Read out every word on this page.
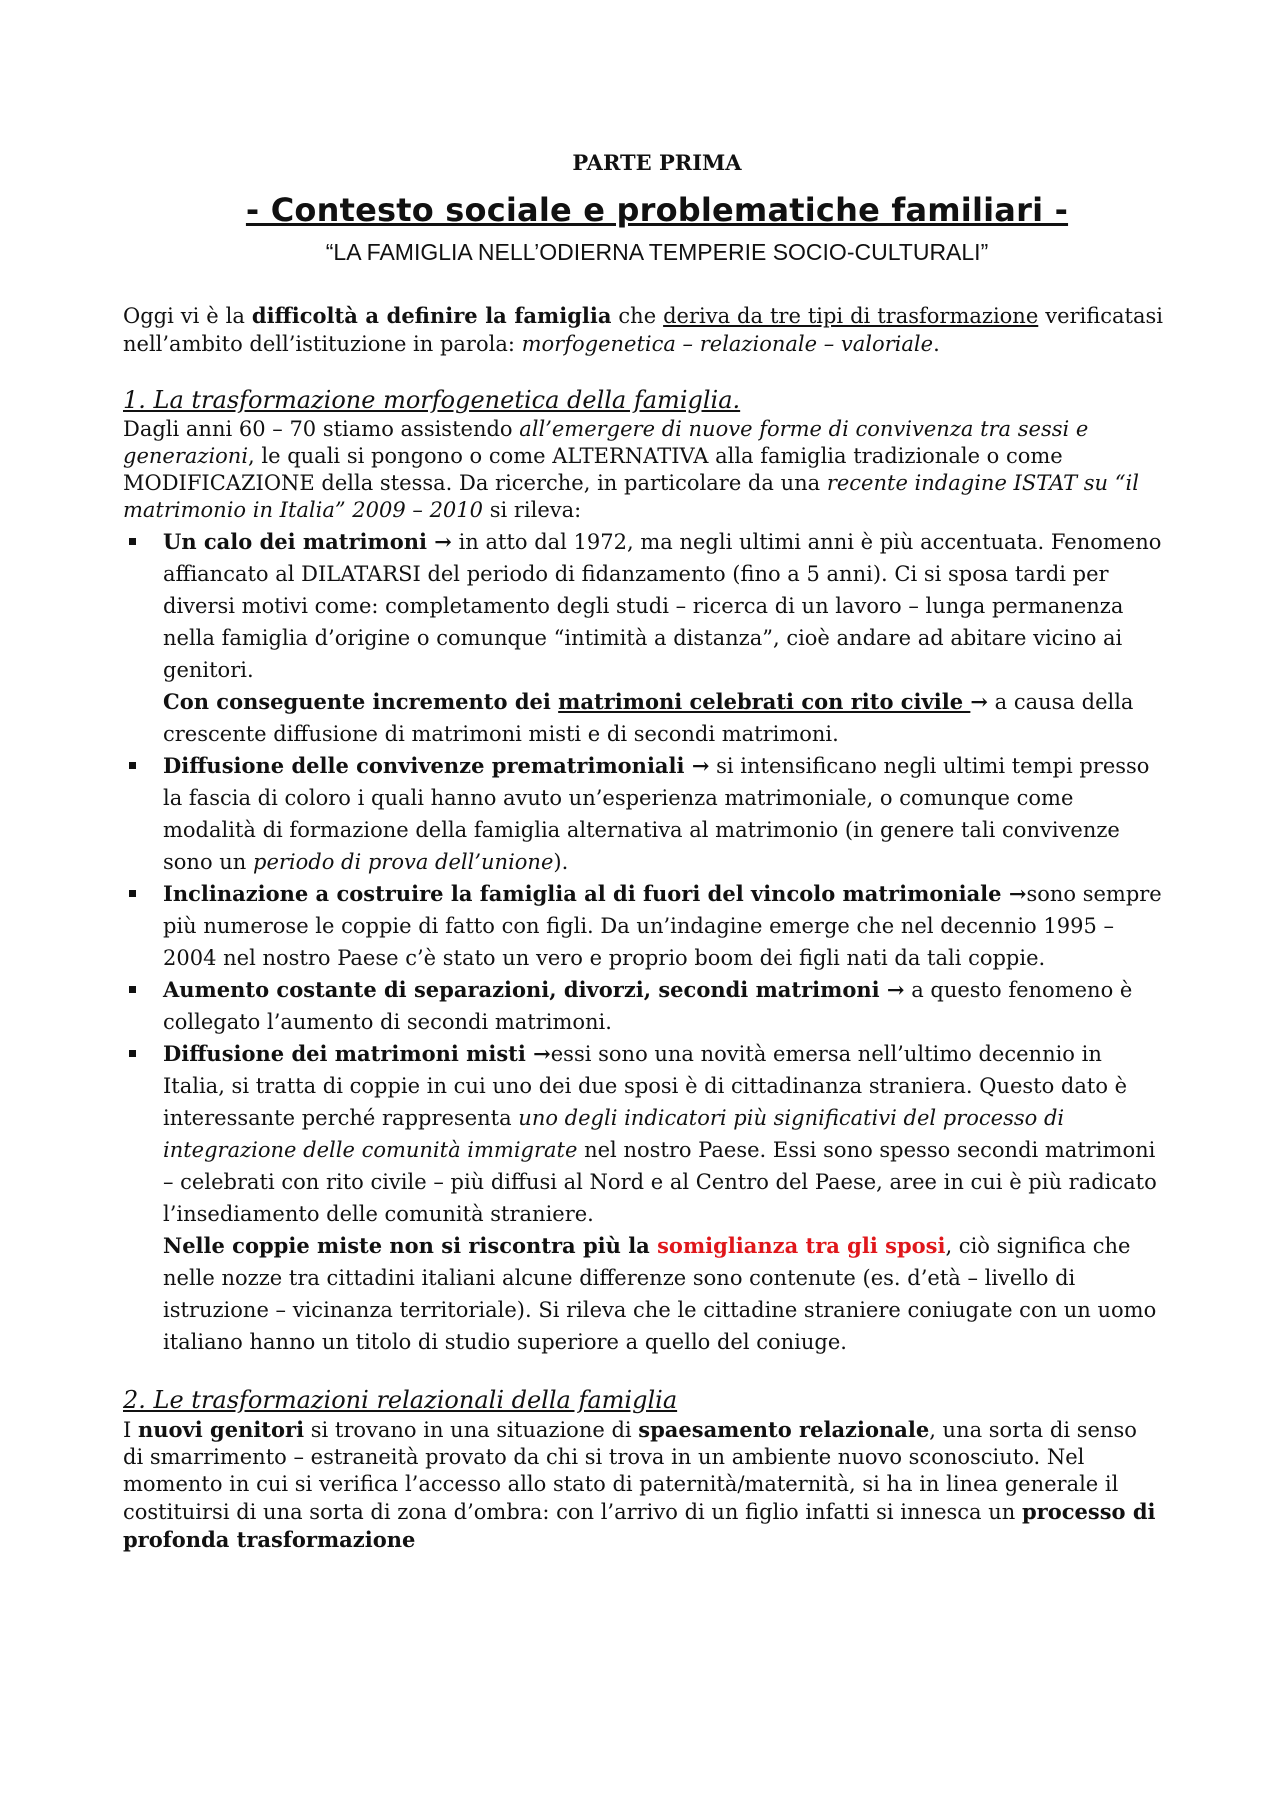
PARTE PRIMA
- Contesto sociale e problematiche familiari -
“LA FAMIGLIA NELL’ODIERNA TEMPERIE SOCIO-CULTURALI”

Oggi vi è la difficoltà a definire la famiglia che deriva da tre tipi di trasformazione verificatasi nell’ambito dell’istituzione in parola: morfogenetica – relazionale – valoriale.

1. La trasformazione morfogenetica della famiglia.

Dagli anni 60 – 70 stiamo assistendo all’emergere di nuove forme di convivenza tra sessi e generazioni, le quali si pongono o come ALTERNATIVA alla famiglia tradizionale o come MODIFICAZIONE della stessa. Da ricerche, in particolare da una recente indagine ISTAT su “il matrimonio in Italia” 2009 – 2010 si rileva:

Un calo dei matrimoni → in atto dal 1972, ma negli ultimi anni è più accentuata. Fenomeno affiancato al DILATARSI del periodo di fidanzamento (fino a 5 anni). Ci si sposa tardi per diversi motivi come: completamento degli studi – ricerca di un lavoro – lunga permanenza nella famiglia d’origine o comunque “intimità a distanza”, cioè andare ad abitare vicino ai genitori.
Con conseguente incremento dei matrimoni celebrati con rito civile → a causa della crescente diffusione di matrimoni misti e di secondi matrimoni.
Diffusione delle convivenze prematrimoniali → si intensificano negli ultimi tempi presso la fascia di coloro i quali hanno avuto un’esperienza matrimoniale, o comunque come modalità di formazione della famiglia alternativa al matrimonio (in genere tali convivenze sono un periodo di prova dell’unione).
Inclinazione a costruire la famiglia al di fuori del vincolo matrimoniale →sono sempre più numerose le coppie di fatto con figli. Da un’indagine emerge che nel decennio 1995 – 2004 nel nostro Paese c’è stato un vero e proprio boom dei figli nati da tali coppie.
Aumento costante di separazioni, divorzi, secondi matrimoni → a questo fenomeno è collegato l’aumento di secondi matrimoni.
Diffusione dei matrimoni misti →essi sono una novità emersa nell’ultimo decennio in Italia, si tratta di coppie in cui uno dei due sposi è di cittadinanza straniera. Questo dato è interessante perché rappresenta uno degli indicatori più significativi del processo di integrazione delle comunità immigrate nel nostro Paese. Essi sono spesso secondi matrimoni – celebrati con rito civile – più diffusi al Nord e al Centro del Paese, aree in cui è più radicato l’insediamento delle comunità straniere.
Nelle coppie miste non si riscontra più la somiglianza tra gli sposi, ciò significa che nelle nozze tra cittadini italiani alcune differenze sono contenute (es. d’età – livello di istruzione – vicinanza territoriale). Si rileva che le cittadine straniere coniugate con un uomo italiano hanno un titolo di studio superiore a quello del coniuge.
2. Le trasformazioni relazionali della famiglia

I nuovi genitori si trovano in una situazione di spaesamento relazionale, una sorta di senso di smarrimento – estraneità provato da chi si trova in un ambiente nuovo sconosciuto. Nel momento in cui si verifica l’accesso allo stato di paternità/maternità, si ha in linea generale il costituirsi di una sorta di zona d’ombra: con l’arrivo di un figlio infatti si innesca un processo di profonda trasformazione
